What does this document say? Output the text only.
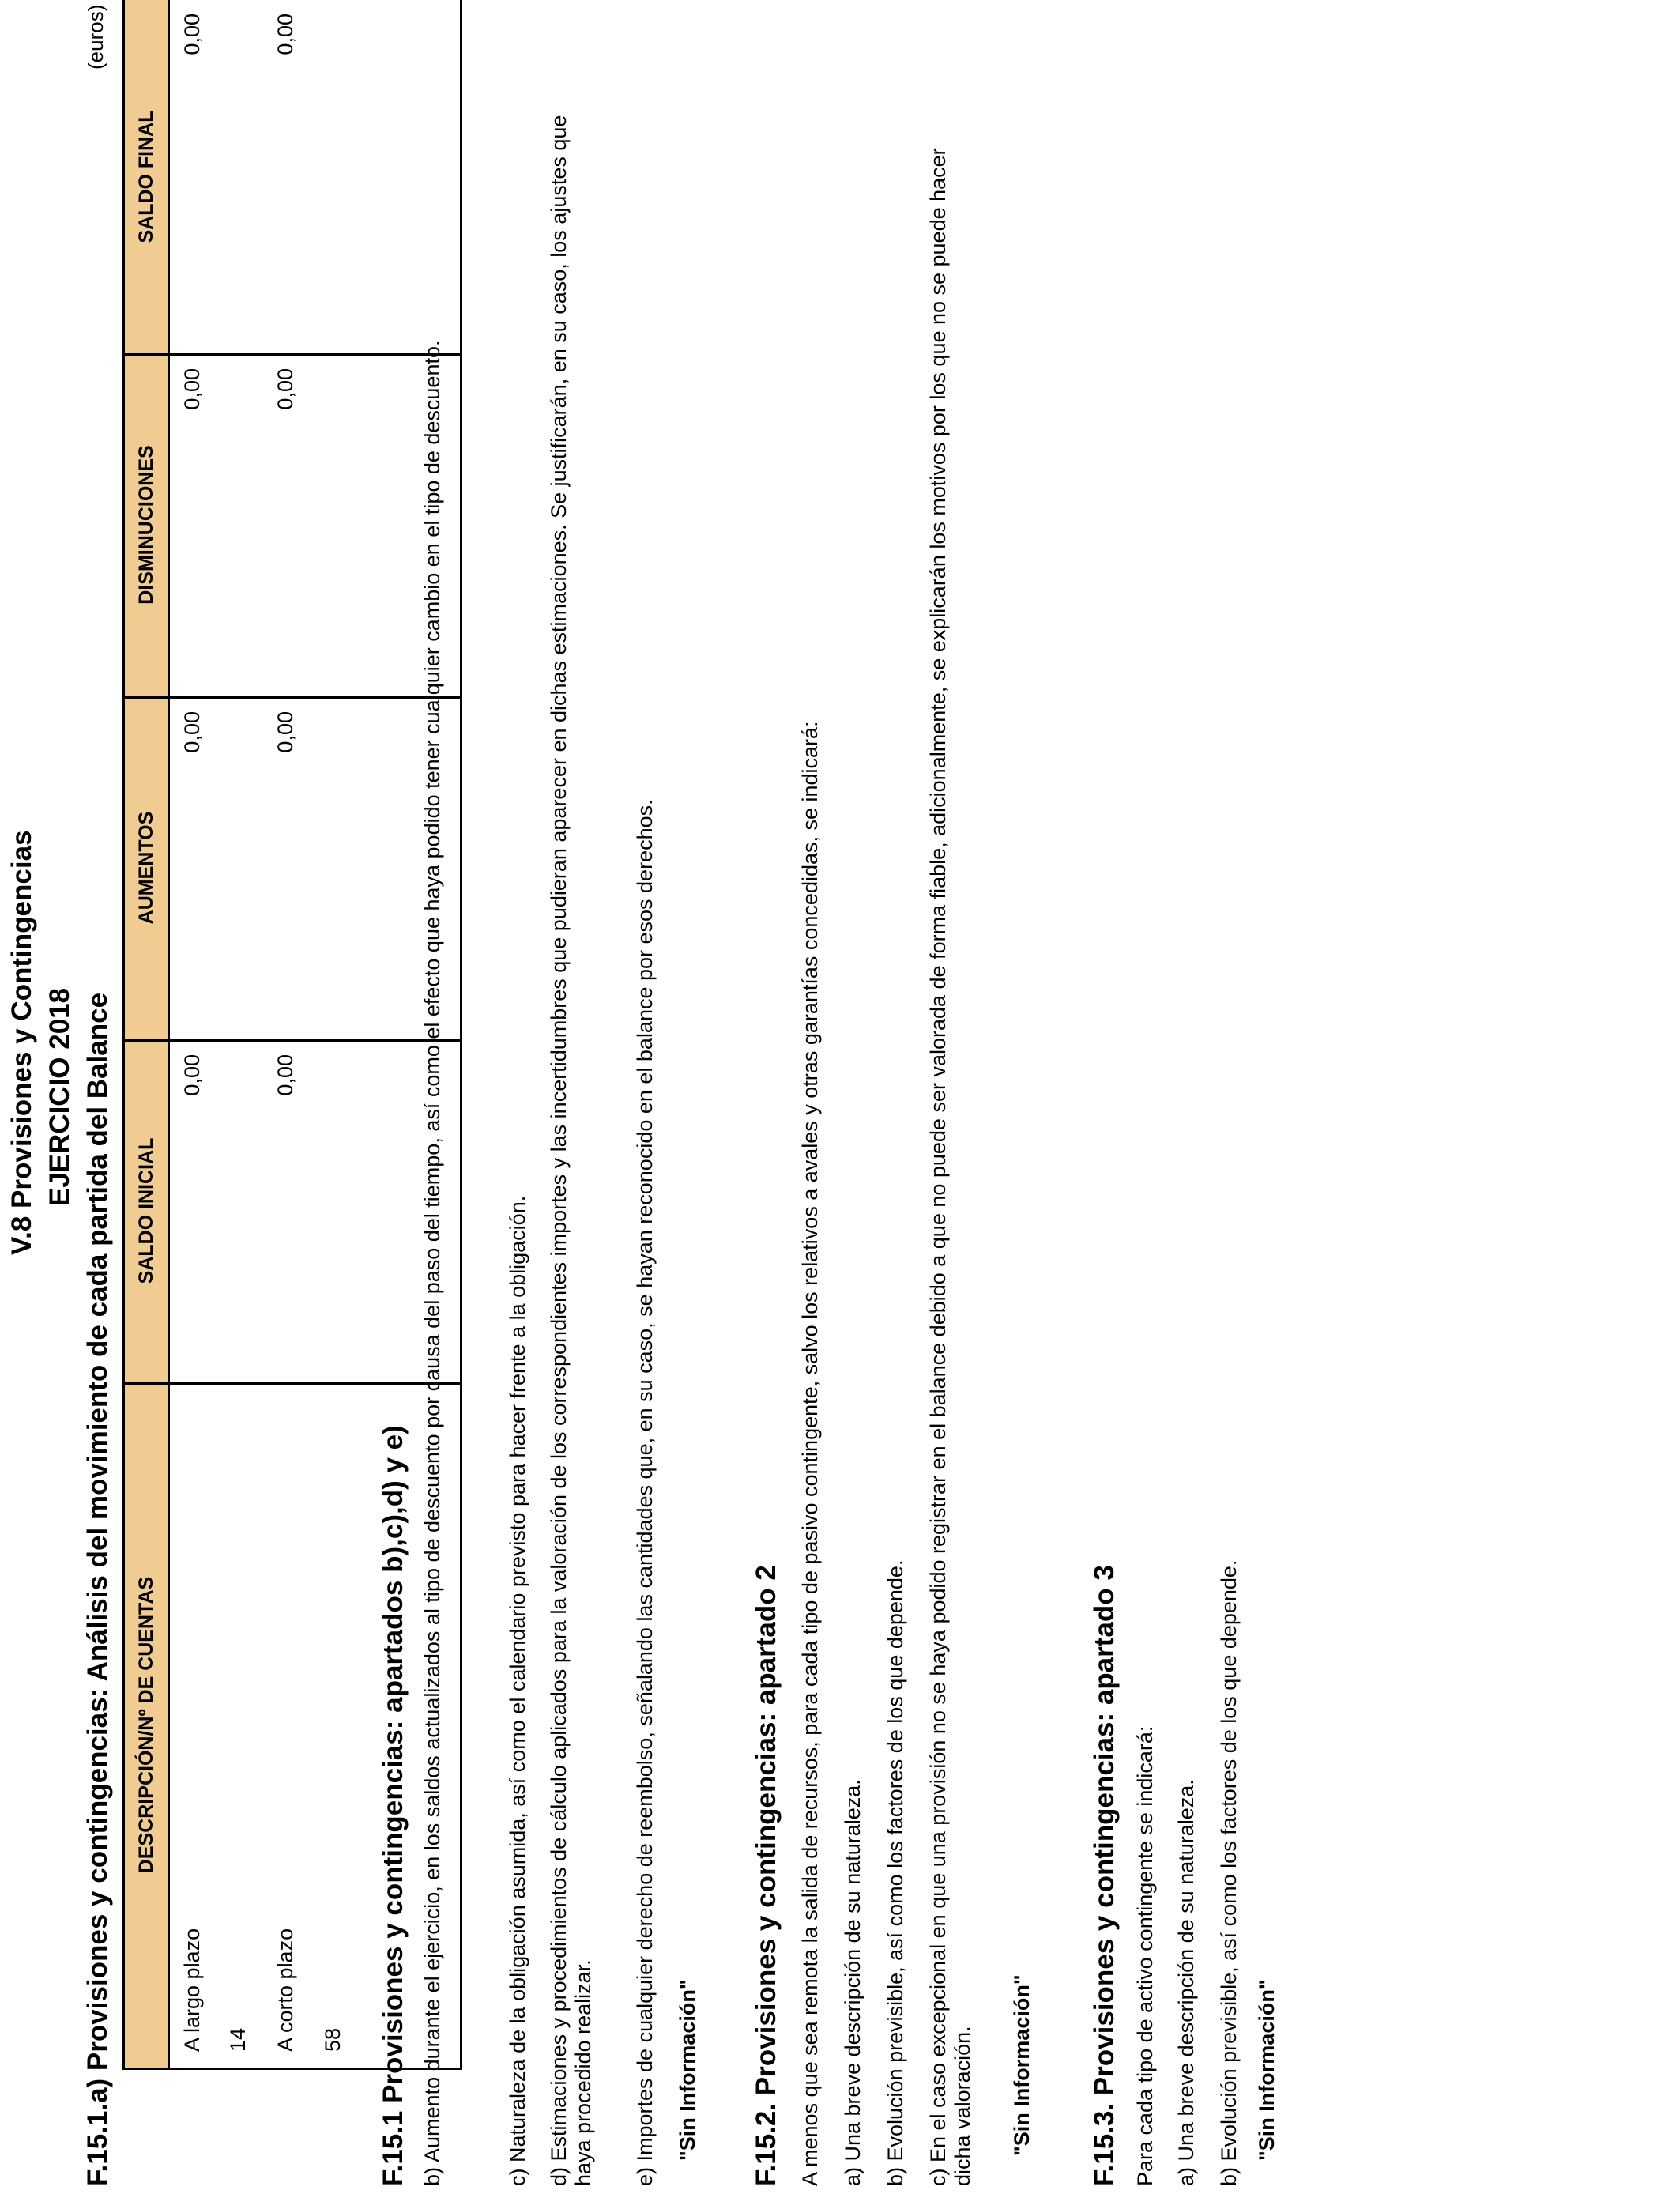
V.8 Provisiones y Contingencias EJERCICIO 2018 F.15.1.a) Provisiones y contingencias: Análisis del movimiento de cada partida del Balance
(euros)
DESCRIPCIÓN/Nº DE CUENTAS
SALDO INICIAL
AUMENTOS
DISMINUCIONES
SALDO FINAL
A largo plazo 14 A corto plazo 58
0,00
0,00
0,00
0,00
0,00
0,00
0,00
0,00
F.15.1 Provisiones y contingencias: apartados b),c),d) y e) b) Aumento durante el ejercicio, en los saldos actualizados al tipo de descuento por causa del paso del tiempo, así como el efecto que haya podido tener cualquier cambio en el tipo de descuento.	c) Naturaleza de la obligación asumida, así como el calendario previsto para hacer frente a la obligación. d) Estimaciones y procedimientos de cálculo aplicados para la valoración de los correspondientes importes y las incertidumbres que pudieran aparecer en dichas estimaciones. Se justificarán, en su caso, los ajustes que haya procedido realizar. e) Importes de cualquier derecho de reembolso, señalando las cantidades que, en su caso, se hayan reconocido en el balance por esos derechos. "Sin Información" F.15.2. Provisiones y contingencias: apartado 2 A menos que sea remota la salida de recursos, para cada tipo de pasivo contingente, salvo los relativos a avales y otras garantías concedidas, se indicará: a) Una breve descripción de su naturaleza. b) Evolución previsible, así como los factores de los que depende. c) En el caso excepcional en que una provisión no se haya podido registrar en el balance debido a que no puede ser valorada de forma fiable, adicionalmente, se explicarán los motivos por los que no se puede hacer dicha valoración. "Sin Información" F.15.3. Provisiones y contingencias: apartado 3 Para cada tipo de activo contingente se indicará: a) Una breve descripción de su naturaleza. b) Evolución previsible, así como los factores de los que depende. "Sin Información"
